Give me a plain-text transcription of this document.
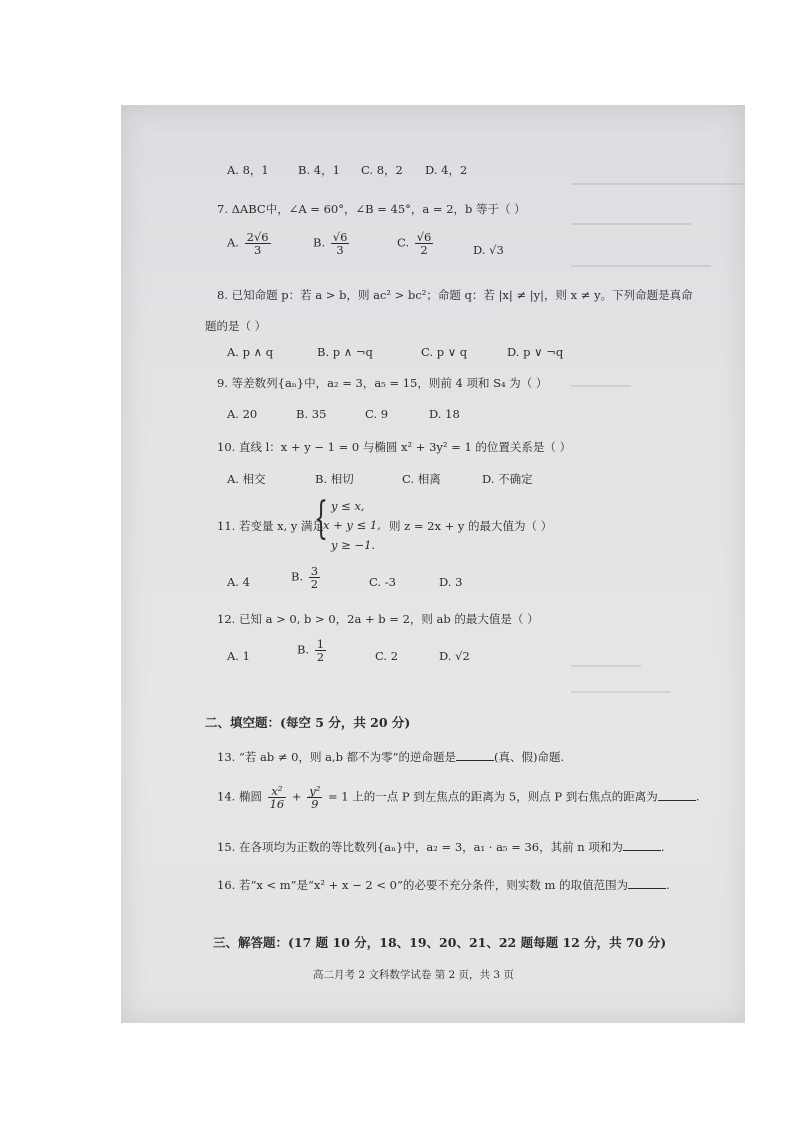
A. 8，1	B. 4，1 C. 8，2 D. 4，2
7. ΔABC中，∠A = 60°，∠B = 45°，a = 2，b 等于（ ）
A. $\frac{2√6}{3}$	B. $\frac{√6}{3}$	C. $\frac{√6}{2}$	D. √3
8. 已知命题 p：若 a > b，则 ac² > bc²；命题 q：若 |x| ≠ |y|，则 x ≠ y。下列命题是真命
题的是（ ）
A. p ∧ q	B. p ∧ ¬q	C. p ∨ q	D. p ∨ ¬q
9. 等差数列{aₙ}中，a₂ = 3，a₅ = 15，则前 4 项和 S₄ 为（ ）
A. 20	B. 35	C. 9	D. 18
10. 直线 l：x + y − 1 = 0 与椭圆 x² + 3y² = 1 的位置关系是（ ）
A. 相交	B. 相切	C. 相离	D. 不确定
11. 若变量 x, y 满足
{ y ≤ x,
x + y ≤ 1,
y ≥ −1.
则 z = 2x + y 的最大值为（ ）
A. 4	B. $\frac{3}{2}$	C. -3	D. 3
12. 已知 a > 0, b > 0，2a + b = 2，则 ab 的最大值是（ ）
A. 1	B. $\frac{1}{2}$	C. 2	D. √2
二、填空题：(每空 5 分，共 20 分)
13. “若 ab ≠ 0，则 a,b 都不为零”的逆命题是	(真、假)命题.
14. 椭圆 $\frac{\text{x²}}{16} + \frac{\text{y²}}{9} = 1$ 上的一点 P 到左焦点的距离为 5，则点 P 到右焦点的距离为	.
15. 在各项均为正数的等比数列{aₙ}中，a₂ = 3，a₁ · a₅ = 36，其前 n 项和为	.
16. 若“x < m”是“x² + x − 2 < 0”的必要不充分条件，则实数 m 的取值范围为	.
三、解答题：(17 题 10 分，18、19、20、21、22 题每题 12 分，共 70 分)
高二月考 2 文科数学试卷 第 2 页，共 3 页
